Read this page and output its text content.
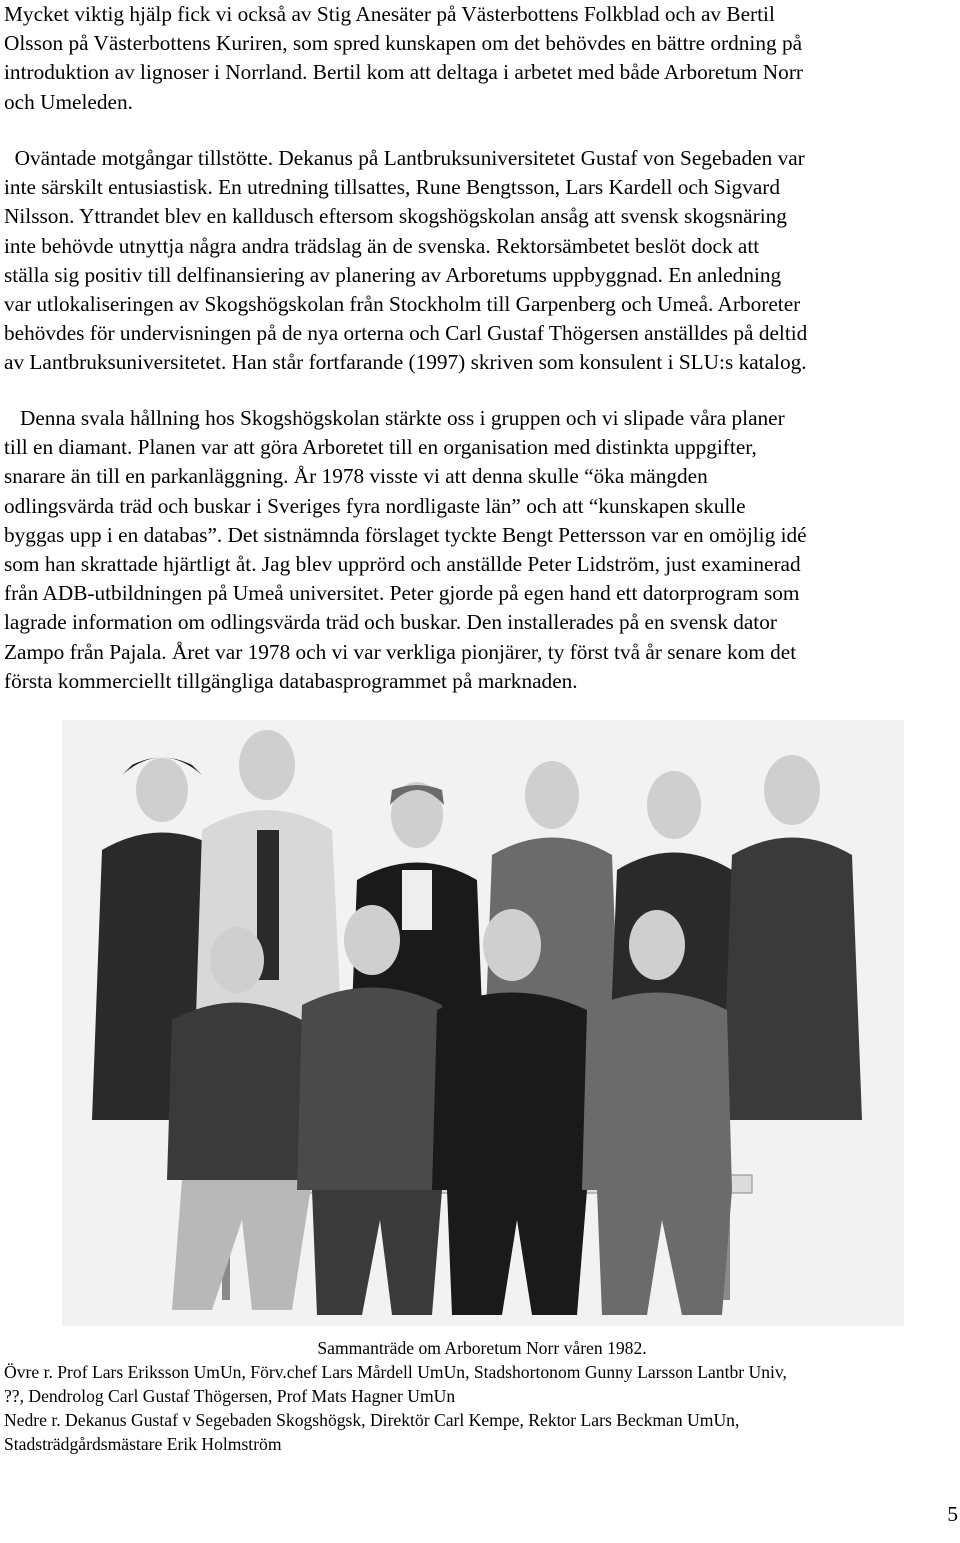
Mycket viktig hjälp fick vi också av Stig Anesäter på Västerbottens Folkblad och av Bertil
Olsson på Västerbottens Kuriren, som spred kunskapen om det behövdes en bättre ordning på
introduktion av lignoser i Norrland. Bertil kom att deltaga i arbetet med både Arboretum Norr
och Umeleden.
Oväntade motgångar tillstötte. Dekanus på Lantbruksuniversitetet Gustaf von Segebaden var
inte särskilt entusiastisk. En utredning tillsattes, Rune Bengtsson, Lars Kardell och Sigvard
Nilsson. Yttrandet blev en kalldusch eftersom skogshögskolan ansåg att svensk skogsnäring
inte behövde utnyttja några andra trädslag än de svenska. Rektorsämbetet beslöt dock att
ställa sig positiv till delfinansiering av planering av Arboretums uppbyggnad. En anledning
var utlokaliseringen av Skogshögskolan från Stockholm till Garpenberg och Umeå. Arboreter
behövdes för undervisningen på de nya orterna och Carl Gustaf Thögersen anställdes på deltid
av Lantbruksuniversitetet. Han står fortfarande (1997) skriven som konsulent i SLU:s katalog.
Denna svala hållning hos Skogshögskolan stärkte oss i gruppen och vi slipade våra planer
till en diamant. Planen var att göra Arboretet till en organisation med distinkta uppgifter,
snarare än till en parkanläggning. År 1978 visste vi att denna skulle “öka mängden
odlingsvärda träd och buskar i Sveriges fyra nordligaste län” och att “kunskapen skulle
byggas upp i en databas”. Det sistnämnda förslaget tyckte Bengt Pettersson var en omöjlig idé
som han skrattade hjärtligt åt. Jag blev upprörd och anställde Peter Lidström, just examinerad
från ADB-utbildningen på Umeå universitet. Peter gjorde på egen hand ett datorprogram som
lagrade information om odlingsvärda träd och buskar. Den installerades på en svensk dator
Zampo från Pajala. Året var 1978 och vi var verkliga pionjärer, ty först två år senare kom det
första kommerciellt tillgängliga databasprogrammet på marknaden.
Sammanträde om Arboretum Norr våren 1982.
Övre r. Prof Lars Eriksson UmUn, Förv.chef Lars Mårdell UmUn, Stadshortonom Gunny Larsson Lantbr Univ,
??, Dendrolog Carl Gustaf Thögersen, Prof Mats Hagner UmUn
Nedre r. Dekanus Gustaf v Segebaden Skogshögsk, Direktör Carl Kempe, Rektor Lars Beckman UmUn,
Stadsträdgårdsmästare Erik Holmström
5
